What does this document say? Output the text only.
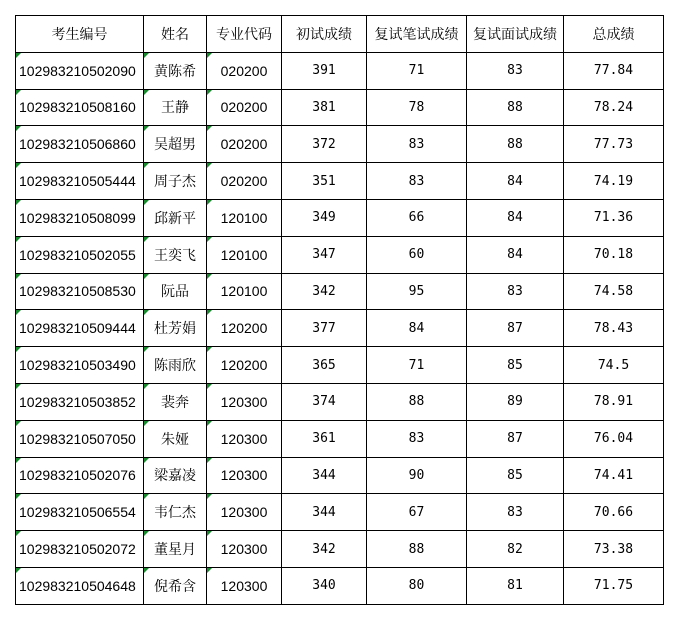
考生编号	姓名	专业代码	初试成绩	复试笔试成绩	复试面试成绩	总成绩
102983210502090	黄陈希	020200	391	71	83	77.84
102983210508160	王静	020200	381	78	88	78.24
102983210506860	吴超男	020200	372	83	88	77.73
102983210505444	周子杰	020200	351	83	84	74.19
102983210508099	邱新平	120100	349	66	84	71.36
102983210502055	王奕飞	120100	347	60	84	70.18
102983210508530	阮品	120100	342	95	83	74.58
102983210509444	杜芳娟	120200	377	84	87	78.43
102983210503490	陈雨欣	120200	365	71	85	74.5
102983210503852	裴奔	120300	374	88	89	78.91
102983210507050	朱娅	120300	361	83	87	76.04
102983210502076	梁嘉凌	120300	344	90	85	74.41
102983210506554	韦仁杰	120300	344	67	83	70.66
102983210502072	董星月	120300	342	88	82	73.38
102983210504648	倪希含	120300	340	80	81	71.75
